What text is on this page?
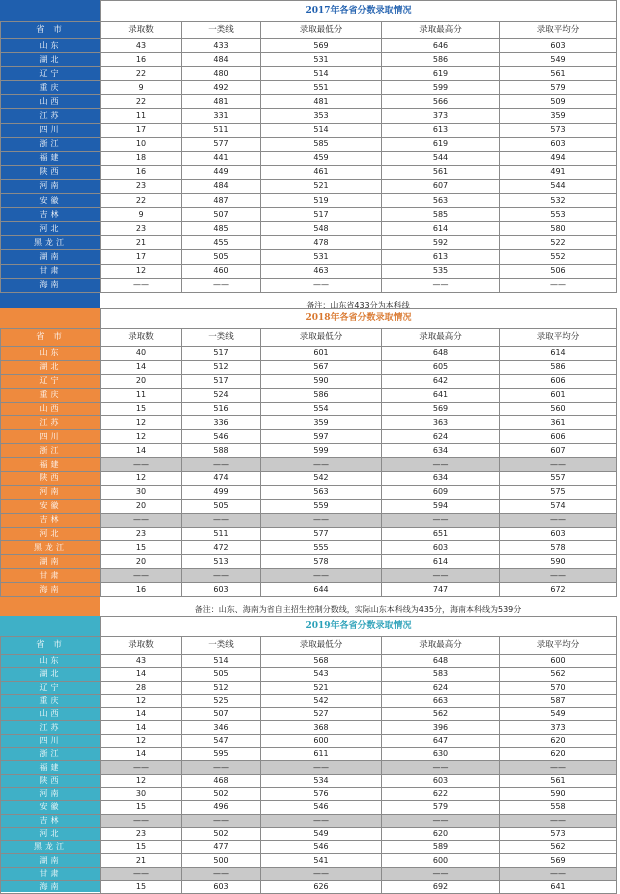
	2017年各省分数录取情况				
省 市	录取数	一类线	录取最低分	录取最高分	录取平均分
山东	43	433	569	646	603
湖北	16	484	531	586	549
辽宁	22	480	514	619	561
重庆	9	492	551	599	579
山西	22	481	481	566	509
江苏	11	331	353	373	359
四川	17	511	514	613	573
浙江	10	577	585	619	603
福建	18	441	459	544	494
陕西	16	449	461	561	491
河南	23	484	521	607	544
安徽	22	487	519	563	532
吉林	9	507	517	585	553
河北	23	485	548	614	580
黑龙江	21	455	478	592	522
湖南	17	505	531	613	552
甘肃	12	460	463	535	506
海南	——	——	——	——	——
备注：山东省433分为本科线
	2018年各省分数录取情况				
省 市	录取数	一类线	录取最低分	录取最高分	录取平均分
山东	40	517	601	648	614
湖北	14	512	567	605	586
辽宁	20	517	590	642	606
重庆	11	524	586	641	601
山西	15	516	554	569	560
江苏	12	336	359	363	361
四川	12	546	597	624	606
浙江	14	588	599	634	607
福建	——	——	——	——	——
陕西	12	474	542	634	557
河南	30	499	563	609	575
安徽	20	505	559	594	574
吉林	——	——	——	——	——
河北	23	511	577	651	603
黑龙江	15	472	555	603	578
湖南	20	513	578	614	590
甘肃	——	——	——	——	——
海南	16	603	644	747	672
备注：山东、海南为省自主招生控制分数线，实际山东本科线为435分，海南本科线为539分
	2019年各省分数录取情况				
省 市	录取数	一类线	录取最低分	录取最高分	录取平均分
山东	43	514	568	648	600
湖北	14	505	543	583	562
辽宁	28	512	521	624	570
重庆	12	525	542	663	587
山西	14	507	527	562	549
江苏	14	346	368	396	373
四川	12	547	600	647	620
浙江	14	595	611	630	620
福建	——	——	——	——	——
陕西	12	468	534	603	561
河南	30	502	576	622	590
安徽	15	496	546	579	558
吉林	——	——	——	——	——
河北	23	502	549	620	573
黑龙江	15	477	546	589	562
湖南	21	500	541	600	569
甘肃	——	——	——	——	——
海南	15	603	626	692	641
